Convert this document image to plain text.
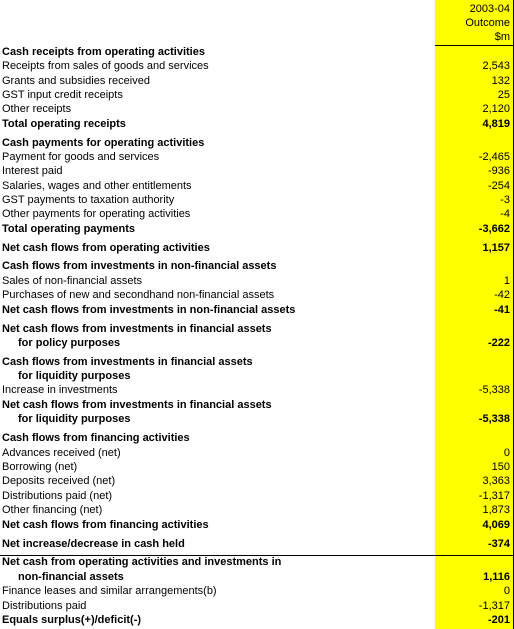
2003-04
Outcome
$m
Cash receipts from operating activities
Receipts from sales of goods and services	2,543
Grants and subsidies received	132
GST input credit receipts	25
Other receipts	2,120
Total operating receipts	4,819
Cash payments for operating activities
Payment for goods and services	-2,465
Interest paid	-936
Salaries, wages and other entitlements	-254
GST payments to taxation authority	-3
Other payments for operating activities	-4
Total operating payments	-3,662
Net cash flows from operating activities	1,157
Cash flows from investments in non-financial assets
Sales of non-financial assets	1
Purchases of new and secondhand non-financial assets	-42
Net cash flows from investments in non-financial assets	-41
Net cash flows from investments in financial assets
for policy purposes	-222
Cash flows from investments in financial assets
for liquidity purposes
Increase in investments	-5,338
Net cash flows from investments in financial assets
for liquidity purposes	-5,338
Cash flows from financing activities
Advances received (net)	0
Borrowing (net)	150
Deposits received (net)	3,363
Distributions paid (net)	-1,317
Other financing (net)	1,873
Net cash flows from financing activities	4,069
Net increase/decrease in cash held	-374
Net cash from operating activities and investments in
non-financial assets	1,116
Finance leases and similar arrangements(b)	0
Distributions paid	-1,317
Equals surplus(+)/deficit(-)	-201
